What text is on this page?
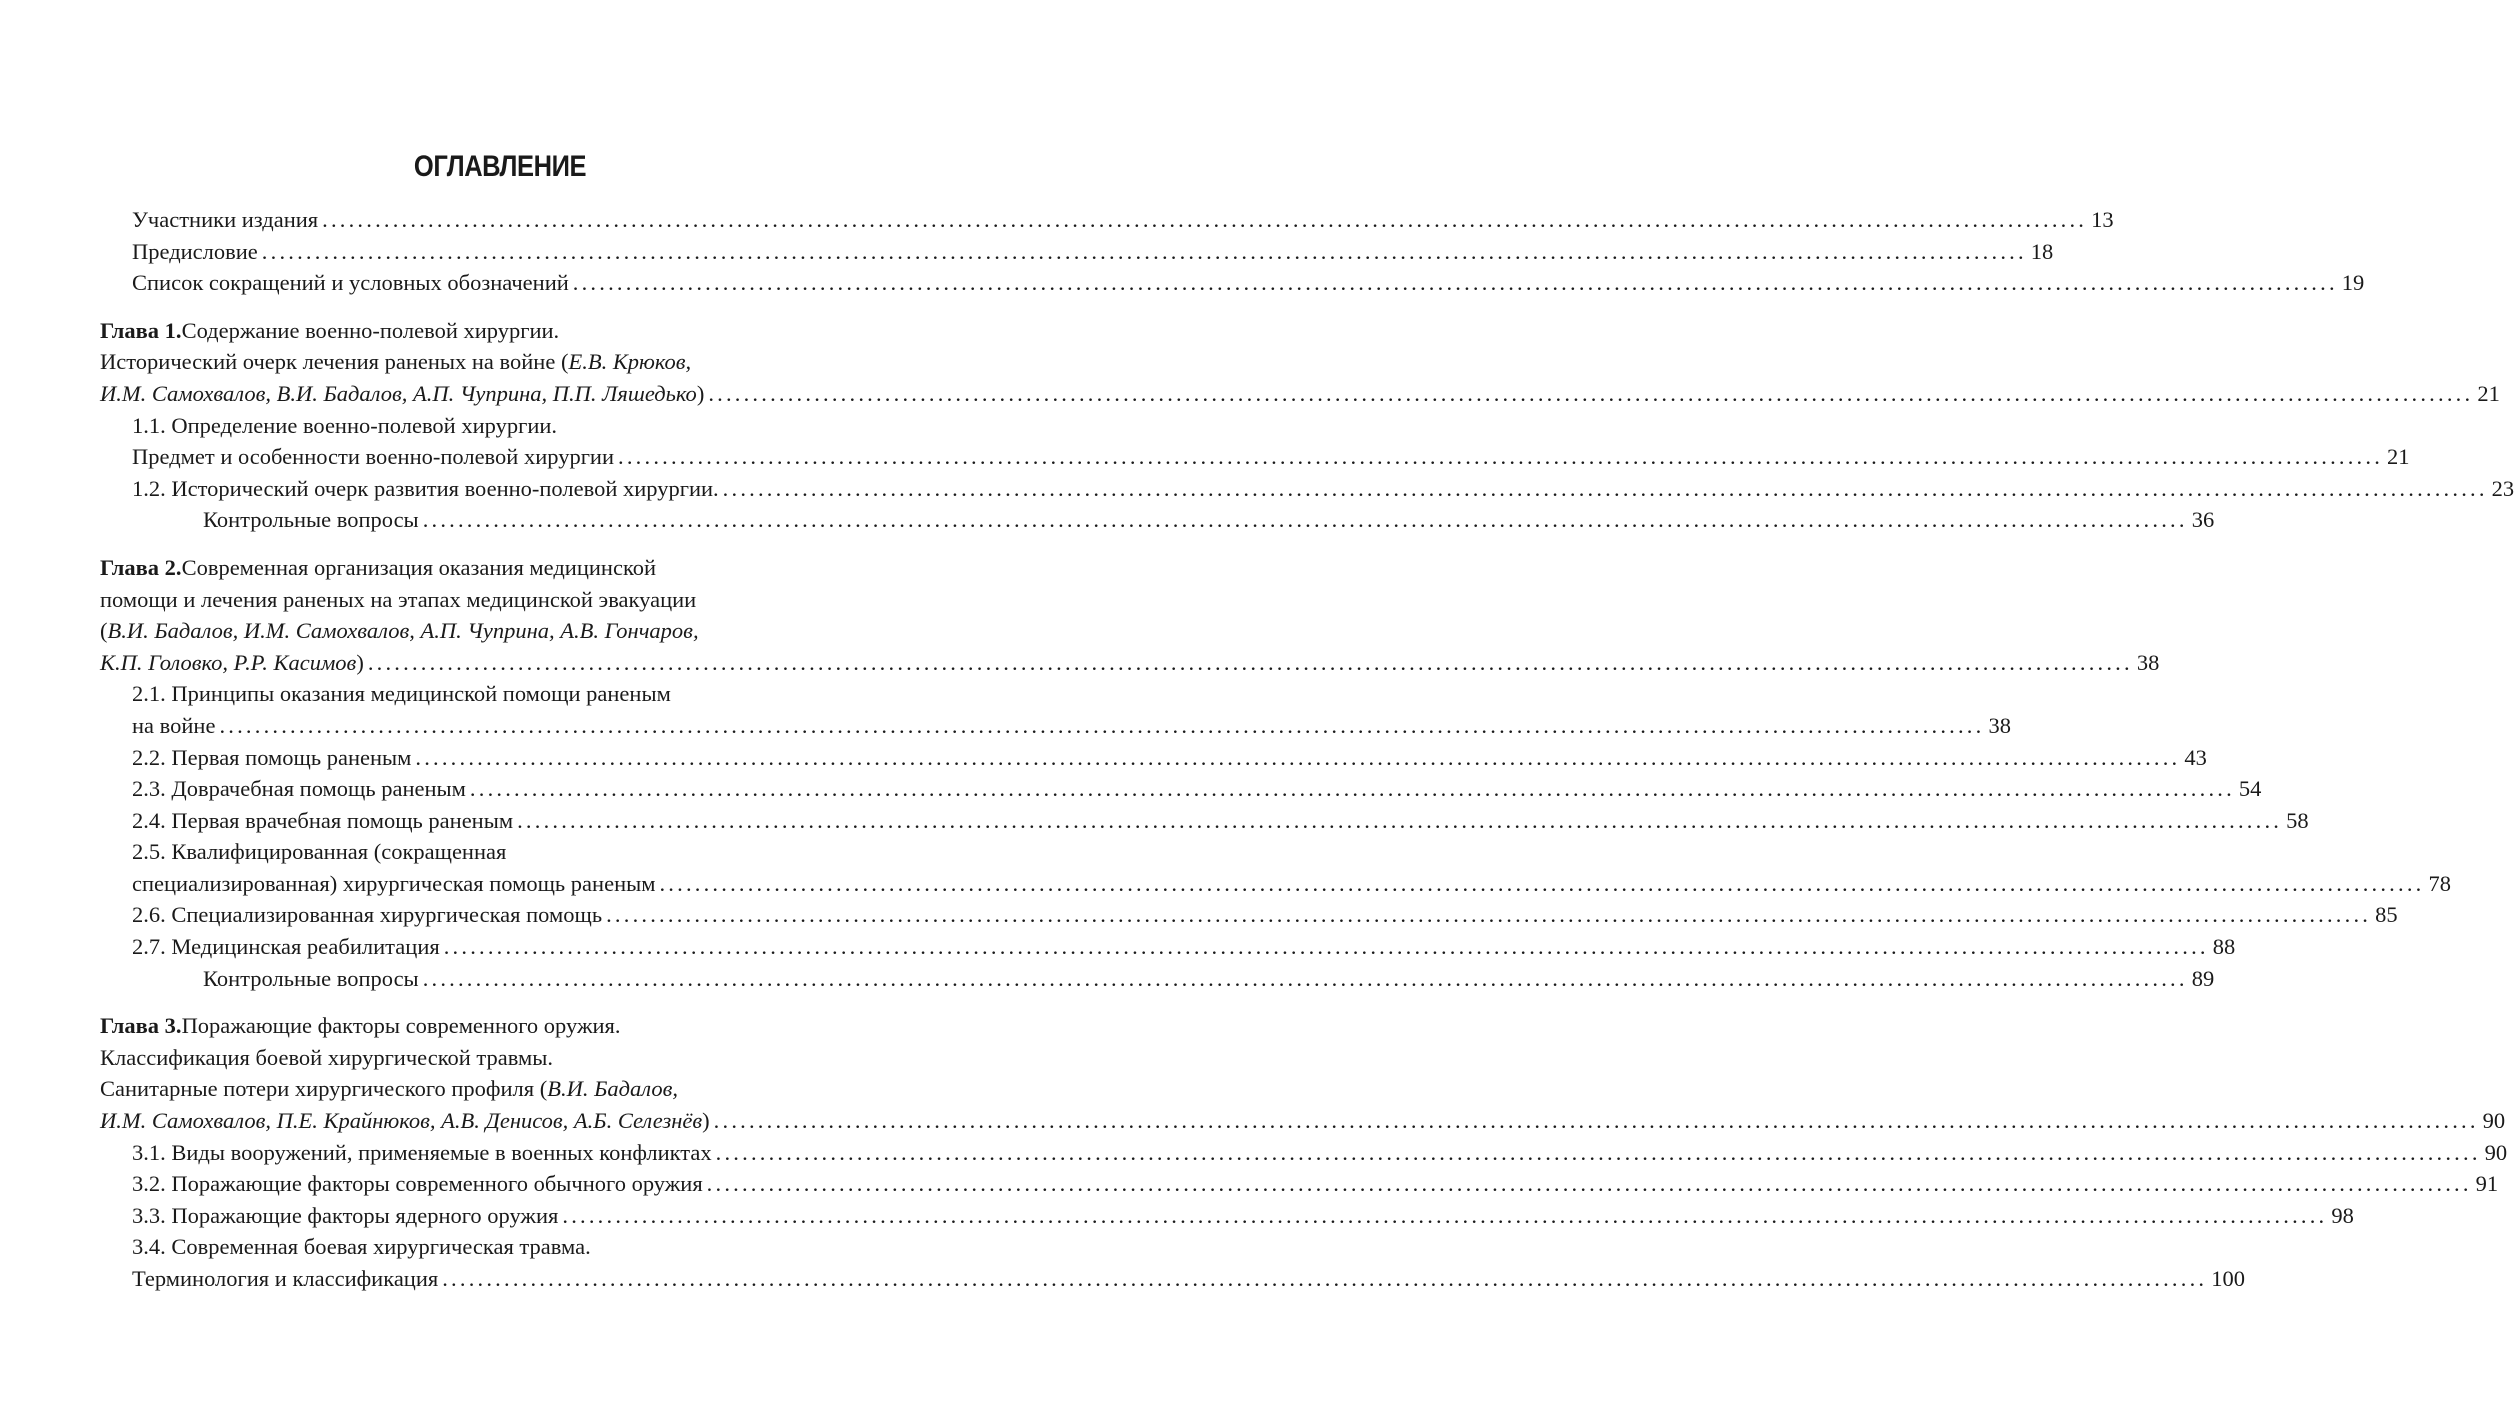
ОГЛАВЛЕНИЕ
Участники издания ........................................................................................................................................................................................................ 13
Предисловие ........................................................................................................................................................................................................ 18
Список сокращений и условных обозначений ........................................................................................................................................................................................................ 19
Глава 1. Содержание военно-полевой хирургии.
Исторический очерк лечения раненых на войне ( Е.В. Крюков,
И.М. Самохвалов, В.И. Бадалов, А.П. Чуприна, П.П. Ляшедько ) ........................................................................................................................................................................................................ 21
1.1. Определение военно-полевой хирургии.
Предмет и особенности военно-полевой хирургии ........................................................................................................................................................................................................ 21
1.2. Исторический очерк развития военно-полевой хирургии. ........................................................................................................................................................................................................ 23
Контрольные вопросы ........................................................................................................................................................................................................ 36
Глава 2. Современная организация оказания медицинской
помощи и лечения раненых на этапах медицинской эвакуации
( В.И. Бадалов, И.М. Самохвалов, А.П. Чуприна, А.В. Гончаров,
К.П. Головко, Р.Р. Касимов ) ........................................................................................................................................................................................................ 38
2.1. Принципы оказания медицинской помощи раненым
на войне ........................................................................................................................................................................................................ 38
2.2. Первая помощь раненым ........................................................................................................................................................................................................ 43
2.3. Доврачебная помощь раненым ........................................................................................................................................................................................................ 54
2.4. Первая врачебная помощь раненым ........................................................................................................................................................................................................ 58
2.5. Квалифицированная (сокращенная
специализированная) хирургическая помощь раненым ........................................................................................................................................................................................................ 78
2.6. Специализированная хирургическая помощь ........................................................................................................................................................................................................ 85
2.7. Медицинская реабилитация ........................................................................................................................................................................................................ 88
Контрольные вопросы ........................................................................................................................................................................................................ 89
Глава 3. Поражающие факторы современного оружия.
Классификация боевой хирургической травмы.
Санитарные потери хирургического профиля ( В.И. Бадалов,
И.М. Самохвалов, П.Е. Крайнюков, А.В. Денисов, А.Б. Селезнёв ) ........................................................................................................................................................................................................ 90
3.1. Виды вооружений, применяемые в военных конфликтах ........................................................................................................................................................................................................ 90
3.2. Поражающие факторы современного обычного оружия ........................................................................................................................................................................................................ 91
3.3. Поражающие факторы ядерного оружия ........................................................................................................................................................................................................ 98
3.4. Современная боевая хирургическая травма.
Терминология и классификация ........................................................................................................................................................................................................ 100
